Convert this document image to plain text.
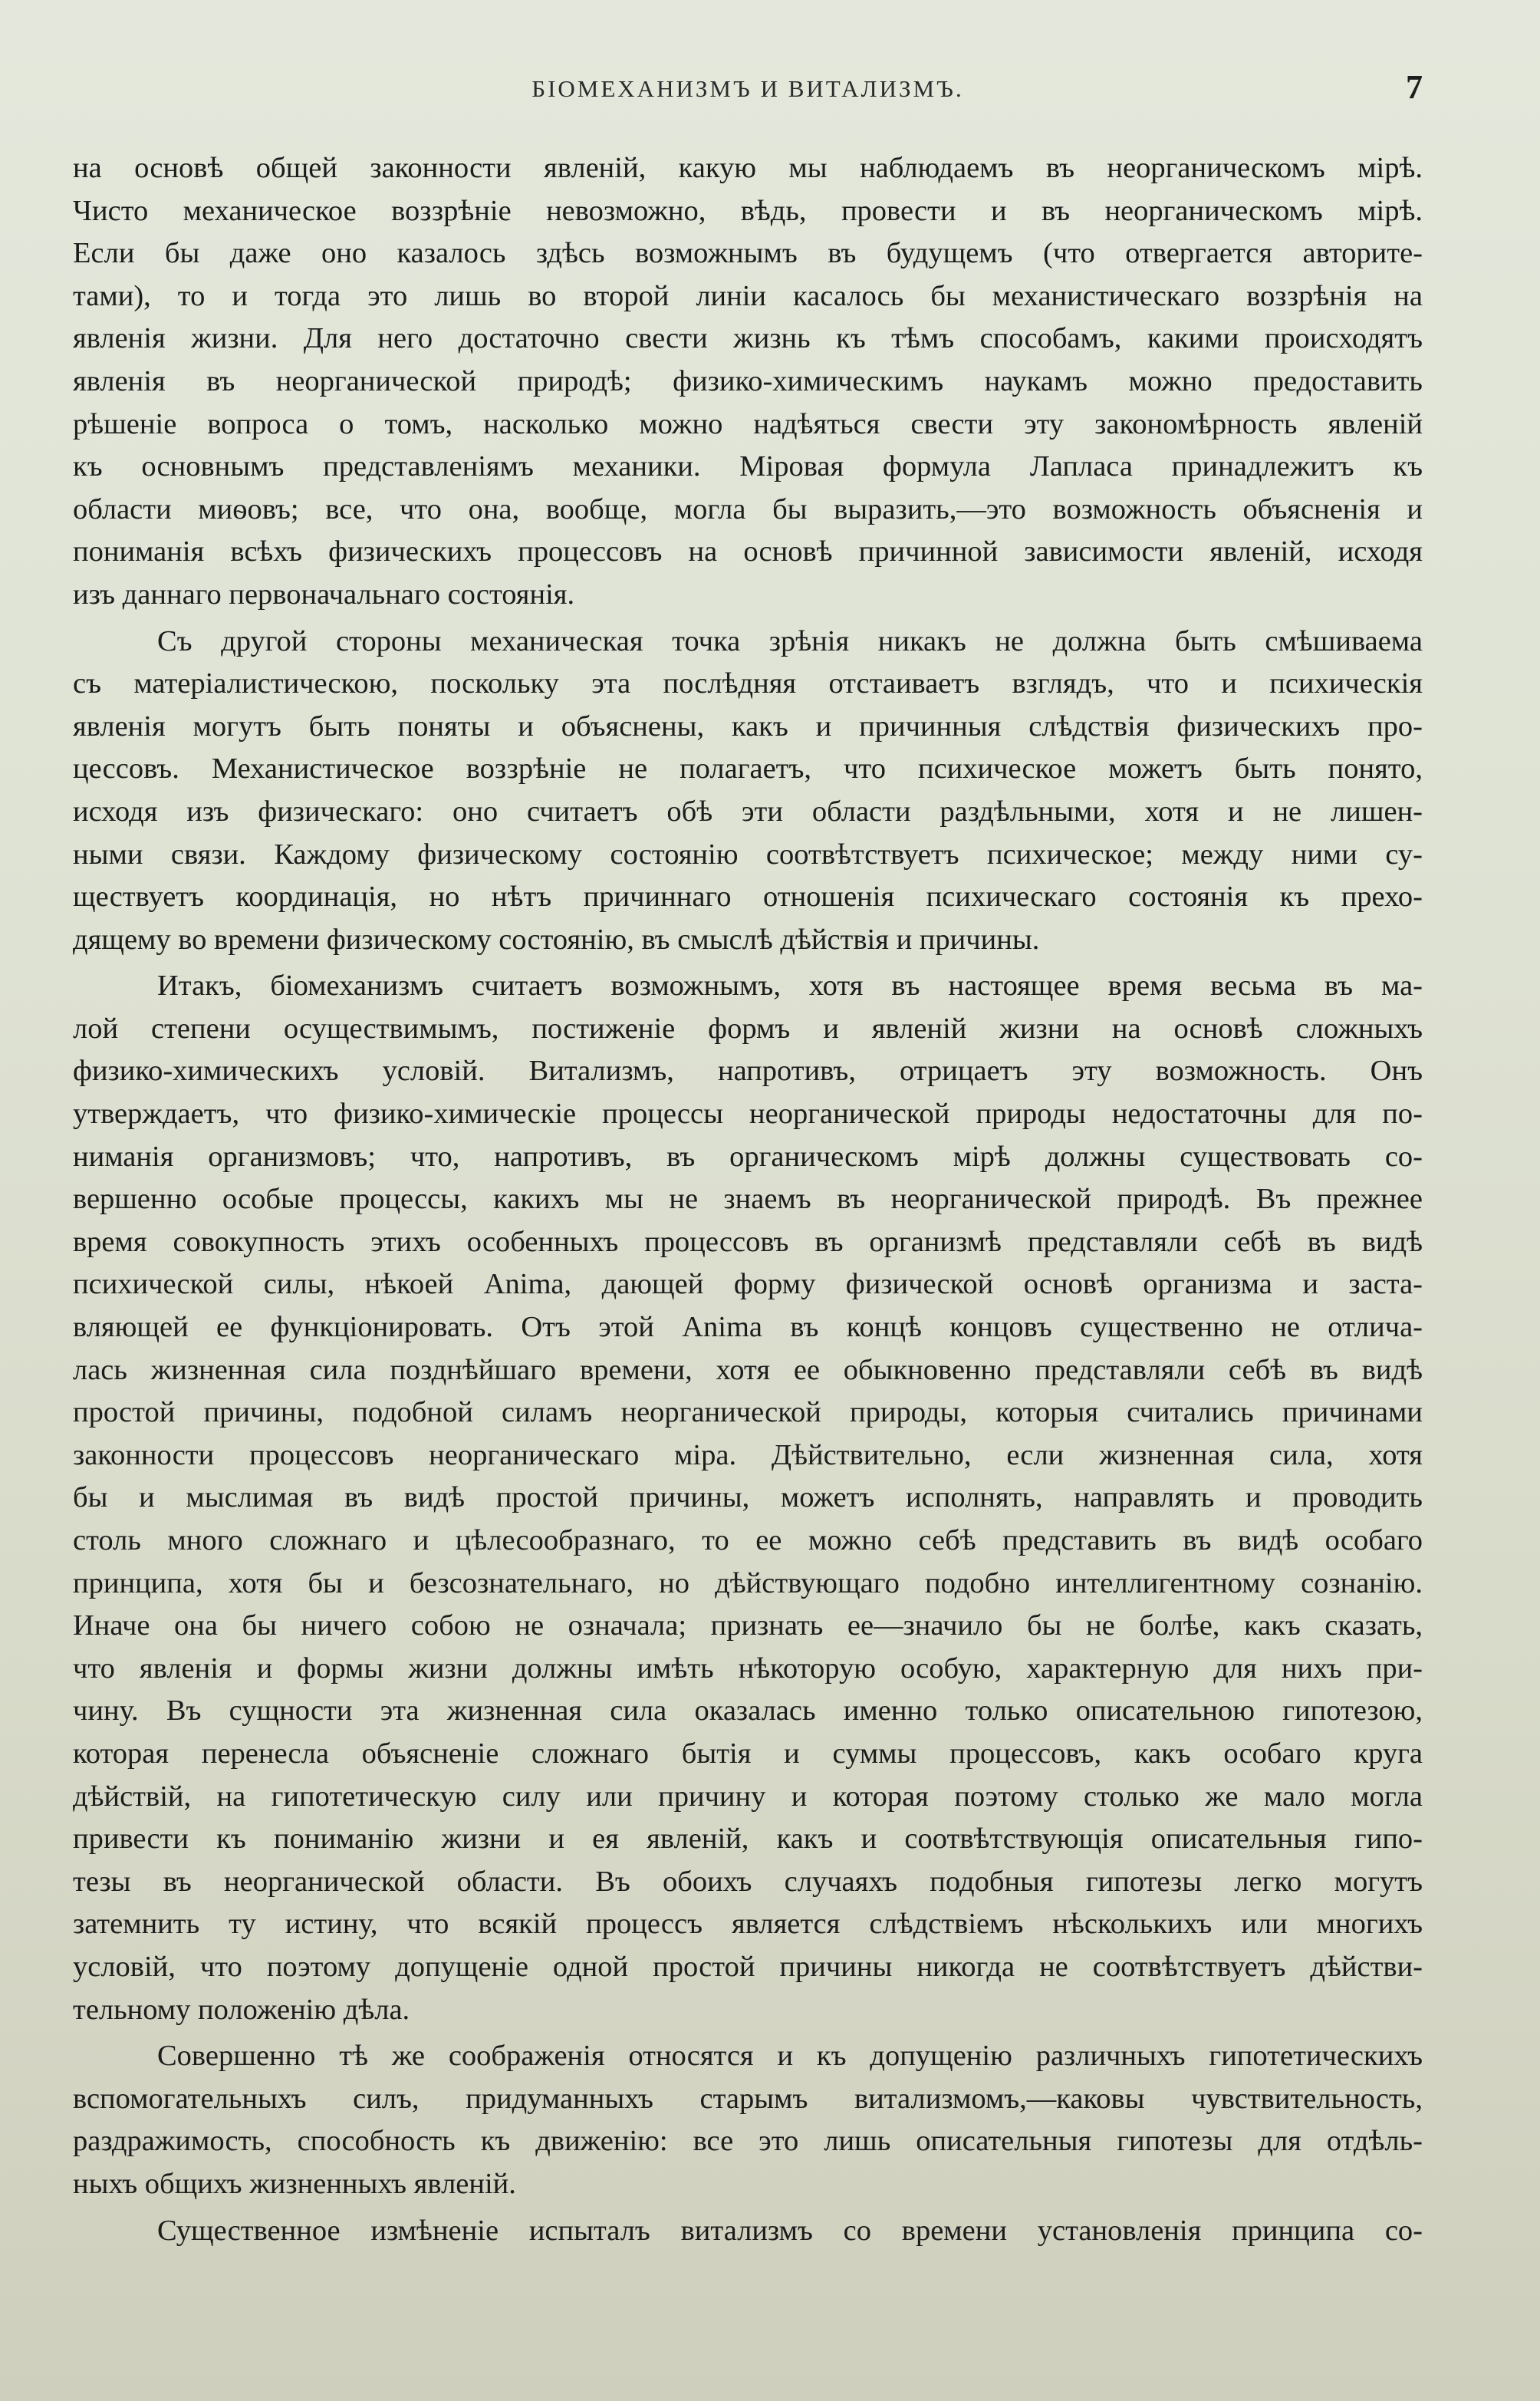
БІОМЕХАНИЗМЪ И ВИТАЛИЗМЪ.	7

на основѣ общей законности явленій, какую мы наблюдаемъ въ неорганическомъ мірѣ.
Чисто механическое воззрѣніе невозможно, вѣдь, провести и въ неорганическомъ мірѣ.
Если бы даже оно казалось здѣсь возможнымъ въ будущемъ (что отвергается авторите-
тами), то и тогда это лишь во второй линіи касалось бы механистическаго воззрѣнія на
явленія жизни. Для него достаточно свести жизнь къ тѣмъ способамъ, какими происходятъ
явленія въ неорганической природѣ; физико-химическимъ наукамъ можно предоставить
рѣшеніе вопроса о томъ, насколько можно надѣяться свести эту закономѣрность явленій
къ основнымъ представленіямъ механики. Міровая формула Лапласа принадлежитъ къ
области миѳовъ; все, что она, вообще, могла бы выразить,—это возможность объясненія и
пониманія всѣхъ физическихъ процессовъ на основѣ причинной зависимости явленій, исходя
изъ даннаго первоначальнаго состоянія.

Съ другой стороны механическая точка зрѣнія никакъ не должна быть смѣшиваема
съ матеріалистическою, поскольку эта послѣдняя отстаиваетъ взглядъ, что и психическія
явленія могутъ быть поняты и объяснены, какъ и причинныя слѣдствія физическихъ про-
цессовъ. Механистическое воззрѣніе не полагаетъ, что психическое можетъ быть понято,
исходя изъ физическаго: оно считаетъ обѣ эти области раздѣльными, хотя и не лишен-
ными связи. Каждому физическому состоянію соотвѣтствуетъ психическое; между ними су-
ществуетъ координація, но нѣтъ причиннаго отношенія психическаго состоянія къ прехо-
дящему во времени физическому состоянію, въ смыслѣ дѣйствія и причины.

Итакъ, біомеханизмъ считаетъ возможнымъ, хотя въ настоящее время весьма въ ма-
лой степени осуществимымъ, постиженіе формъ и явленій жизни на основѣ сложныхъ
физико-химическихъ условій. Витализмъ, напротивъ, отрицаетъ эту возможность. Онъ
утверждаетъ, что физико-химическіе процессы неорганической природы недостаточны для по-
ниманія организмовъ; что, напротивъ, въ органическомъ мірѣ должны существовать со-
вершенно особые процессы, какихъ мы не знаемъ въ неорганической природѣ. Въ прежнее
время совокупность этихъ особенныхъ процессовъ въ организмѣ представляли себѣ въ видѣ
психической силы, нѣкоей Anima, дающей форму физической основѣ организма и заста-
вляющей ее функціонировать. Отъ этой Anima въ концѣ концовъ существенно не отлича-
лась жизненная сила позднѣйшаго времени, хотя ее обыкновенно представляли себѣ въ видѣ
простой причины, подобной силамъ неорганической природы, которыя считались причинами
законности процессовъ неорганическаго міра. Дѣйствительно, если жизненная сила, хотя
бы и мыслимая въ видѣ простой причины, можетъ исполнять, направлять и проводить
столь много сложнаго и цѣлесообразнаго, то ее можно себѣ представить въ видѣ особаго
принципа, хотя бы и безсознательнаго, но дѣйствующаго подобно интеллигентному сознанію.
Иначе она бы ничего собою не означала; признать ее—значило бы не болѣе, какъ сказать,
что явленія и формы жизни должны имѣть нѣкоторую особую, характерную для нихъ при-
чину. Въ сущности эта жизненная сила оказалась именно только описательною гипотезою,
которая перенесла объясненіе сложнаго бытія и суммы процессовъ, какъ особаго круга
дѣйствій, на гипотетическую силу или причину и которая поэтому столько же мало могла
привести къ пониманію жизни и ея явленій, какъ и соотвѣтствующія описательныя гипо-
тезы въ неорганической области. Въ обоихъ случаяхъ подобныя гипотезы легко могутъ
затемнить ту истину, что всякій процессъ является слѣдствіемъ нѣсколькихъ или многихъ
условій, что поэтому допущеніе одной простой причины никогда не соотвѣтствуетъ дѣйстви-
тельному положенію дѣла.

Совершенно тѣ же соображенія относятся и къ допущенію различныхъ гипотетическихъ
вспомогательныхъ силъ, придуманныхъ старымъ витализмомъ,—каковы чувствительность,
раздражимость, способность къ движенію: все это лишь описательныя гипотезы для отдѣль-
ныхъ общихъ жизненныхъ явленій.

Существенное измѣненіе испыталъ витализмъ со времени установленія принципа со-
